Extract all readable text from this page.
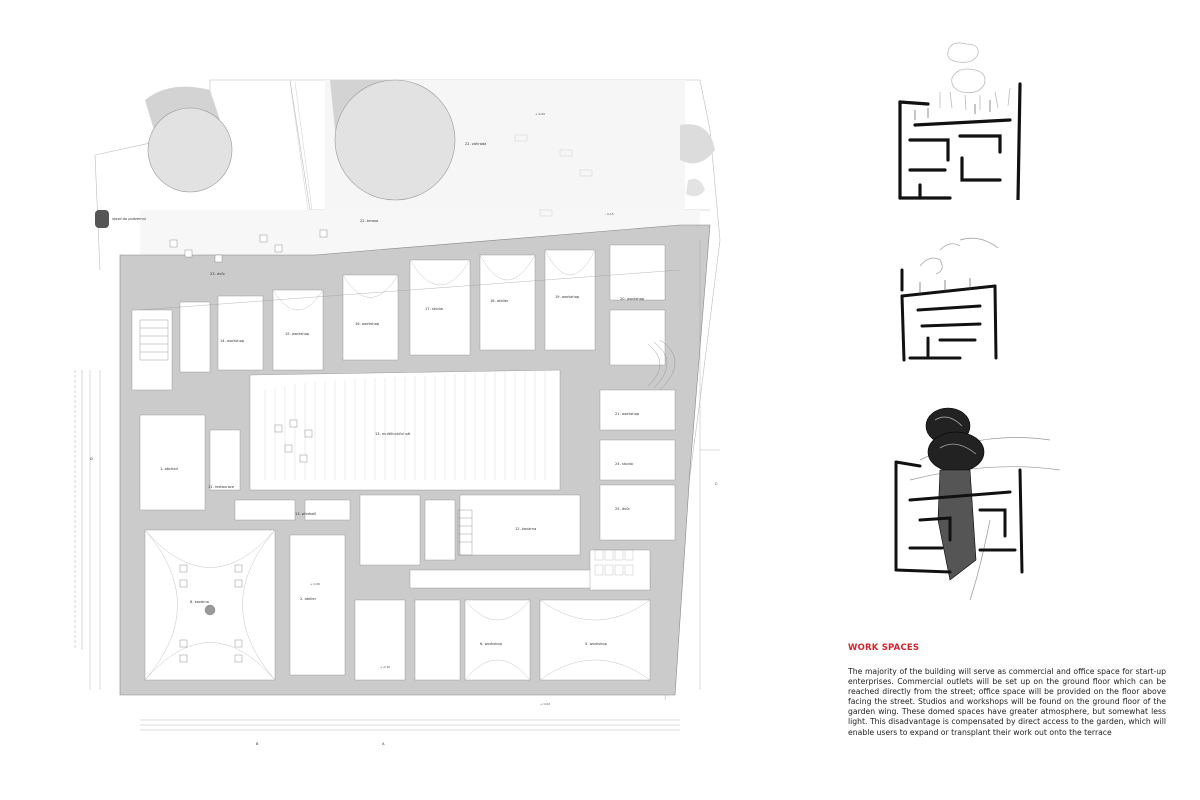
22. zahrada
22. terasa
23. dvůr
vjezd do podzemní
1. obchod
8. kavárna
2. atelier
6. workshop	5. workshop
11. restaurace
12. kavárna
13. multifunkční sál
14. workshop
15. workshop
16. workshop
17. studio
18. atelier
19. workshop	20. workshop
21. workshop
24. studio
25. dvůr
13. předsálí
A
B
C
D
+ 0,00
- 0,15
+ 0,60
+ 0,30
+ 0,62
WORK SPACES

The majority of the building will serve as commercial and office space for start-up enterprises. Commercial outlets will be set up on the ground floor which can be reached directly from the street; office space will be provided on the floor above facing the street. Studios and workshops will be found on the ground floor of the garden wing. These domed spaces have greater atmosphere, but somewhat less light. This disadvantage is compensated by direct access to the garden, which will enable users to expand or transplant their work out onto the terrace
